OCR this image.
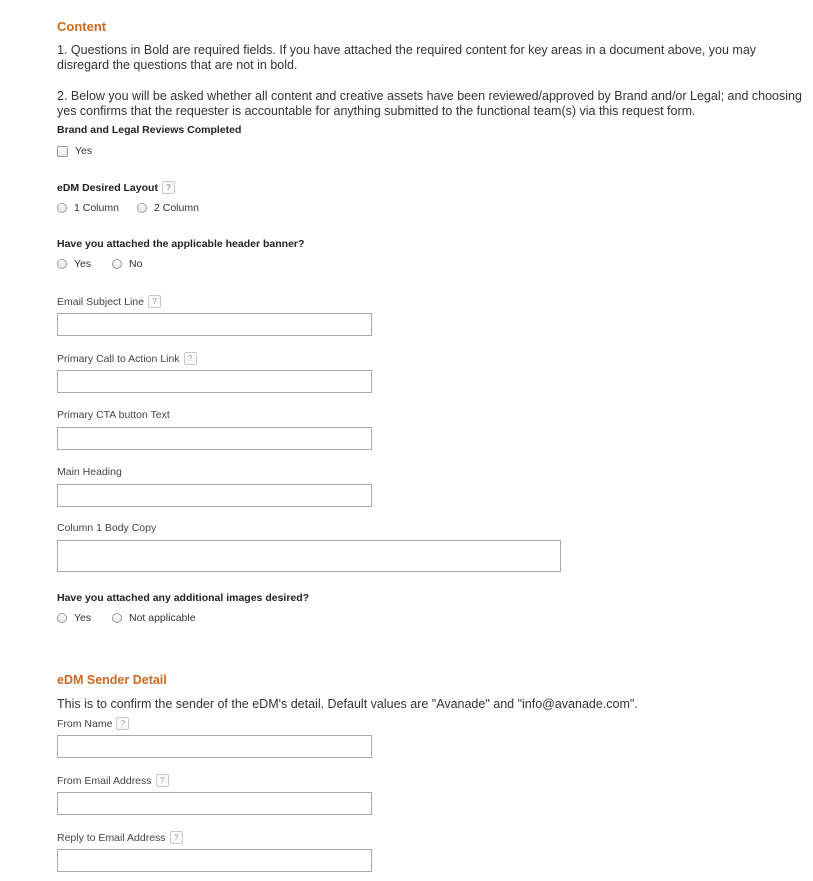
Content
1. Questions in Bold are required fields. If you have attached the required content for key areas in a document above, you may disregard the questions that are not in bold.
2. Below you will be asked whether all content and creative assets have been reviewed/approved by Brand and/or Legal; and choosing yes confirms that the requester is accountable for anything submitted to the functional team(s) via this request form.
Brand and Legal Reviews Completed
Yes
eDM Desired Layout ?
1 Column	2 Column
Have you attached the applicable header banner?
Yes	No
Email Subject Line ?
Primary Call to Action Link ?
Primary CTA button Text
Main Heading
Column 1 Body Copy
Have you attached any additional images desired?
Yes	Not applicable
eDM Sender Detail
This is to confirm the sender of the eDM's detail. Default values are "Avanade" and "info@avanade.com".
From Name ?
From Email Address ?
Reply to Email Address ?
